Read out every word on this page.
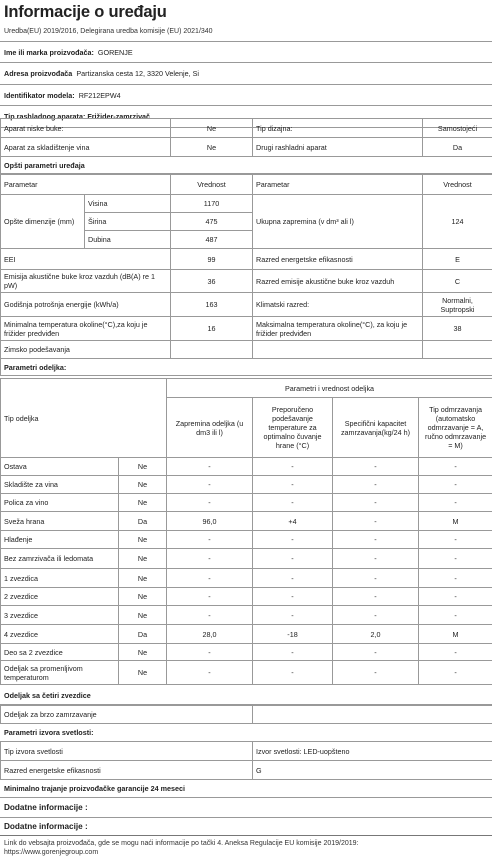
Informacije o uređaju
Uredba(EU) 2019/2016, Delegirana uredba komisije (EU) 2021/340
Ime ili marka proizvođača: GORENJE
Adresa proizvođača Partizanska cesta 12, 3320 Velenje, Si
Identifikator modela: RF212EPW4
Tip rashladnog aparata: Frižider-zamrzivač
Aparat niske buke:	Ne	Tip dizajna:	Samostojeći
Aparat za skladištenje vina	Ne	Drugi rashladni aparat	Da
Opšti parametri uređaja			
Parametar		Vrednost	Parametar	Vrednost
Opšte dimenzije (mm)	Visina	1170	Ukupna zapremina (v dm³ ali l)	124
	Širina	475		
	Dubina	487		
EEI		99	Razred energetske efikasnosti	E
Emisija akustične buke kroz vazduh (dB(A) re 1 pW)		36	Razred emisije akustične buke kroz vazduh	C
Godišnja potrošnja energije (kWh/a)		163	Klimatski razred:	Normalni, Suptropski
Minimalna temperatura okoline(°C),za koju je frižider predviđen		16	Maksimalna temperatura okoline(°C), za koju je frižider predviđen	38
Zimsko podešavanja				
Parametri odeljka:				
Tip odeljka		Parametri i vrednost odeljka			
		Zapremina odeljka (u dm3 ili l)	Preporučeno podešavanje temperature za optimalno čuvanje hrane (°C)	Specifični kapacitet zamrzavanja(kg/24 h)	Tip odmrzavanja (automatsko odmrzavanje = A, ručno odmrzavanje = M)
Ostava	Ne	-	-	-	-
Skladište za vina	Ne	-	-	-	-
Polica za vino	Ne	-	-	-	-
Sveža hrana	Da	96,0	+4	-	M
Hlađenje	Ne	-	-	-	-
Bez zamrzivača ili ledomata	Ne	-	-	-	-
1 zvezdica	Ne	-	-	-	-
2 zvezdice	Ne	-	-	-	-
3 zvezdice	Ne	-	-	-	-
4 zvezdice	Da	28,0	-18	2,0	M
Deo sa 2 zvezdice	Ne	-	-	-	-
Odeljak sa promenljivom temperaturom	Ne	-	-	-	-
Odeljak sa četiri zvezdice
Odeljak za brzo zamrzavanje	
Parametri izvora svetlosti:
Tip izvora svetlosti	Izvor svetlosti: LED-uopšteno
Razred energetske efikasnosti	G
Minimalno trajanje proizvođačke garancije 24 meseci
Dodatne informacije :
Dodatne informacije :
Link do vebsajta proizvođača, gde se mogu naći informacije po tački 4. Aneksa Regulacije EU komisije 2019/2019:
https://www.gorenjegroup.com
